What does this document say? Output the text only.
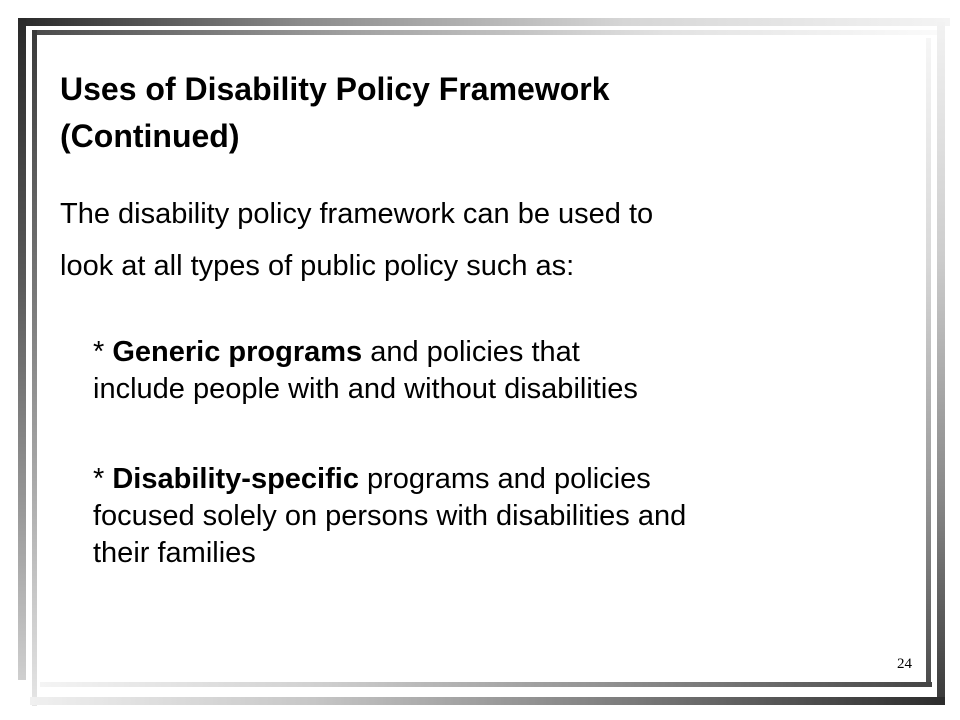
Uses of Disability Policy Framework
(Continued)

The disability policy framework can be used to
look at all types of public policy such as:

* Generic programs and policies that
include people with and without disabilities

* Disability-specific programs and policies
focused solely on persons with disabilities and
their families

24
